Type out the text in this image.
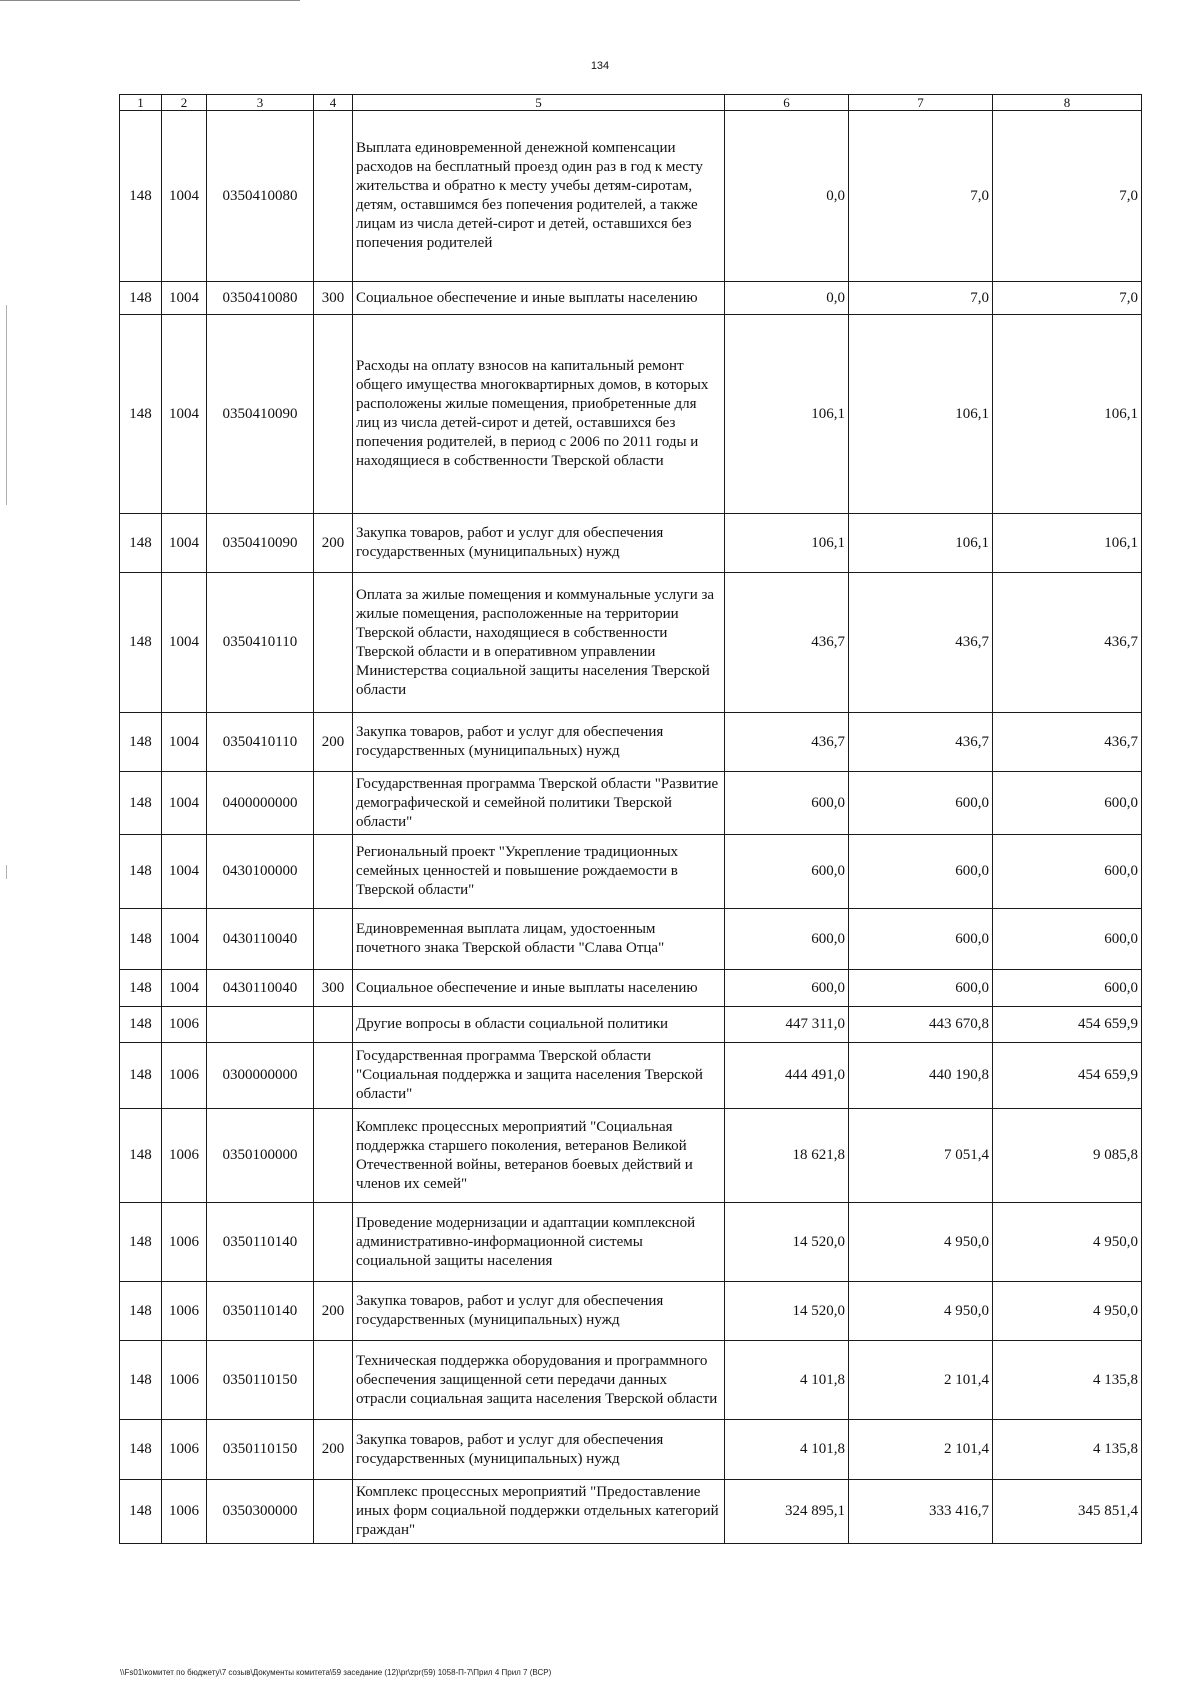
134
1	2	3	4	5	6	7	8
148	1004	0350410080		Выплата единовременной денежной компенсации расходов на бесплатный проезд один раз в год к месту жительства и обратно к месту учебы детям-сиротам, детям, оставшимся без попечения родителей, а также лицам из числа детей-сирот и детей, оставшихся без попечения родителей	0,0	7,0	7,0
148	1004	0350410080	300	Социальное обеспечение и иные выплаты населению	0,0	7,0	7,0
148	1004	0350410090		Расходы на оплату взносов на капитальный ремонт общего имущества многоквартирных домов, в которых расположены жилые помещения, приобретенные для лиц из числа детей-сирот и детей, оставшихся без попечения родителей, в период с 2006 по 2011 годы и находящиеся в собственности Тверской области	106,1	106,1	106,1
148	1004	0350410090	200	Закупка товаров, работ и услуг для обеспечения государственных (муниципальных) нужд	106,1	106,1	106,1
148	1004	0350410110		Оплата за жилые помещения и коммунальные услуги за жилые помещения, расположенные на территории Тверской области, находящиеся в собственности Тверской области и в оперативном управлении Министерства социальной защиты населения Тверской области	436,7	436,7	436,7
148	1004	0350410110	200	Закупка товаров, работ и услуг для обеспечения государственных (муниципальных) нужд	436,7	436,7	436,7
148	1004	0400000000		Государственная программа Тверской области "Развитие демографической и семейной политики Тверской области"	600,0	600,0	600,0
148	1004	0430100000		Региональный проект "Укрепление традиционных семейных ценностей и повышение рождаемости в Тверской области"	600,0	600,0	600,0
148	1004	0430110040		Единовременная выплата лицам, удостоенным почетного знака Тверской области "Слава Отца"	600,0	600,0	600,0
148	1004	0430110040	300	Социальное обеспечение и иные выплаты населению	600,0	600,0	600,0
148	1006			Другие вопросы в области социальной политики	447 311,0	443 670,8	454 659,9
148	1006	0300000000		Государственная программа Тверской области "Социальная поддержка и защита населения Тверской области"	444 491,0	440 190,8	454 659,9
148	1006	0350100000		Комплекс процессных мероприятий "Социальная поддержка старшего поколения, ветеранов Великой Отечественной войны, ветеранов боевых действий и членов их семей"	18 621,8	7 051,4	9 085,8
148	1006	0350110140		Проведение модернизации и адаптации комплексной административно-информационной системы социальной защиты населения	14 520,0	4 950,0	4 950,0
148	1006	0350110140	200	Закупка товаров, работ и услуг для обеспечения государственных (муниципальных) нужд	14 520,0	4 950,0	4 950,0
148	1006	0350110150		Техническая поддержка оборудования и программного обеспечения защищенной сети передачи данных отрасли социальная защита населения Тверской области	4 101,8	2 101,4	4 135,8
148	1006	0350110150	200	Закупка товаров, работ и услуг для обеспечения государственных (муниципальных) нужд	4 101,8	2 101,4	4 135,8
148	1006	0350300000		Комплекс процессных мероприятий "Предоставление иных форм социальной поддержки отдельных категорий граждан"	324 895,1	333 416,7	345 851,4
\\Fs01\комитет по бюджету\7 созыв\Документы комитета\59 заседание (12)\pr\zpr(59) 1058-П-7\Прил 4 Прил 7 (ВСР)
